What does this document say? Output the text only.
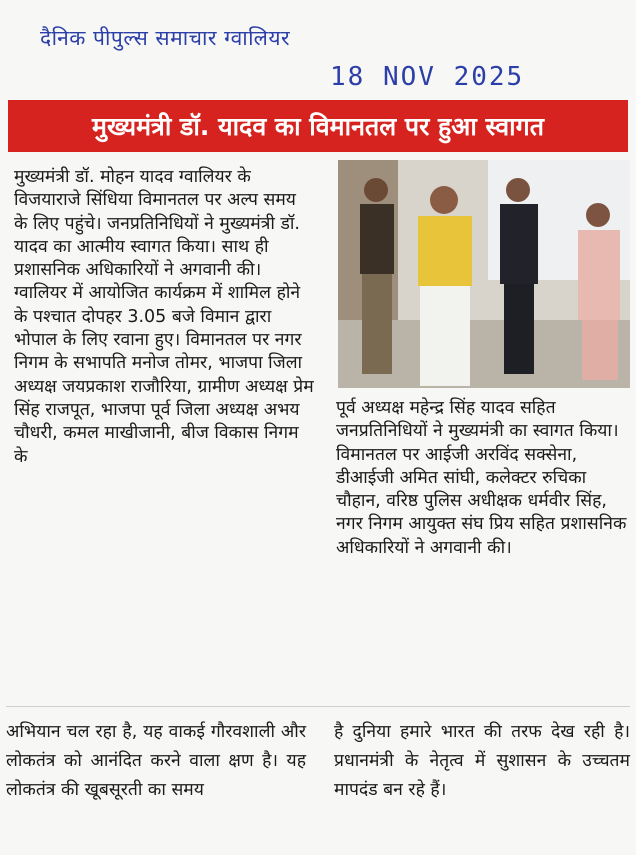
दैनिक पीपुल्स समाचार ग्वालियर
18 NOV 2025
मुख्यमंत्री डॉ. यादव का विमानतल पर हुआ स्वागत
मुख्यमंत्री डॉ. मोहन यादव ग्वालियर के विजयाराजे सिंधिया विमानतल पर अल्प समय के लिए पहुंचे। जनप्रतिनिधियों ने मुख्यमंत्री डॉ. यादव का आत्मीय स्वागत किया। साथ ही प्रशासनिक अधिकारियों ने अगवानी की। ग्वालियर में आयोजित कार्यक्रम में शामिल होने के पश्चात दोपहर 3.05 बजे विमान द्वारा भोपाल के लिए रवाना हुए। विमानतल पर नगर निगम के सभापति मनोज तोमर, भाजपा जिला अध्यक्ष जयप्रकाश राजौरिया, ग्रामीण अध्यक्ष प्रेम सिंह राजपूत, भाजपा पूर्व जिला अध्यक्ष अभय चौधरी, कमल माखीजानी, बीज विकास निगम के
पूर्व अध्यक्ष महेन्द्र सिंह यादव सहित जनप्रतिनिधियों ने मुख्यमंत्री का स्वागत किया। विमानतल पर आईजी अरविंद सक्सेना, डीआईजी अमित सांघी, कलेक्टर रुचिका चौहान, वरिष्ठ पुलिस अधीक्षक धर्मवीर सिंह, नगर निगम आयुक्त संघ प्रिय सहित प्रशासनिक अधिकारियों ने अगवानी की।
अभियान चल रहा है, यह वाकई गौरवशाली और लोकतंत्र को आनंदित करने वाला क्षण है। यह लोकतंत्र की खूबसूरती का समय
है दुनिया हमारे भारत की तरफ देख रही है। प्रधानमंत्री के नेतृत्व में सुशासन के उच्चतम मापदंड बन रहे हैं।
